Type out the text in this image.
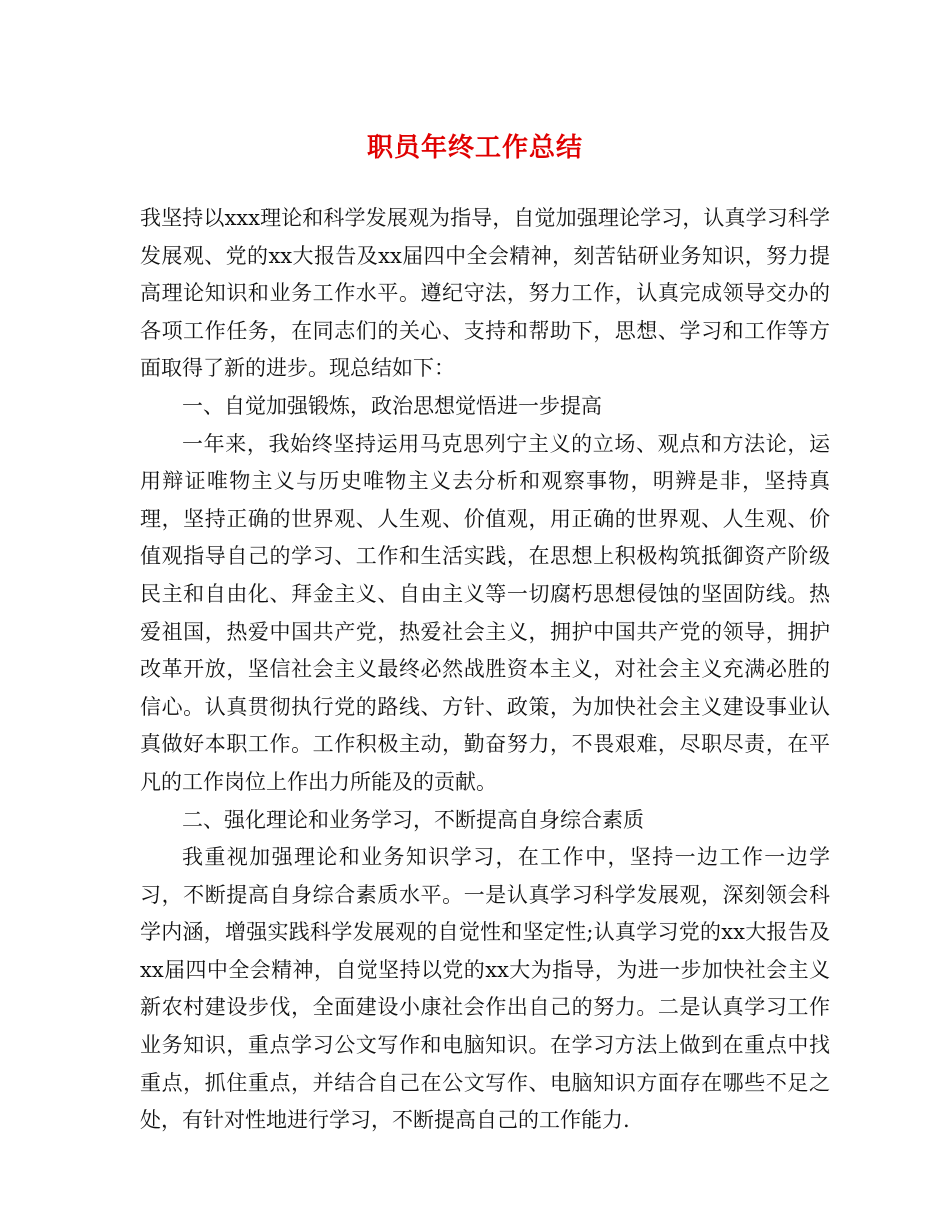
职员年终工作总结

我坚持以xxx理论和科学发展观为指导，自觉加强理论学习，认真学习科学发展观、党的xx大报告及xx届四中全会精神，刻苦钻研业务知识，努力提高理论知识和业务工作水平。遵纪守法，努力工作，认真完成领导交办的各项工作任务，在同志们的关心、支持和帮助下，思想、学习和工作等方面取得了新的进步。现总结如下：

一、自觉加强锻炼，政治思想觉悟进一步提高

一年来，我始终坚持运用马克思列宁主义的立场、观点和方法论，运用辩证唯物主义与历史唯物主义去分析和观察事物，明辨是非，坚持真理，坚持正确的世界观、人生观、价值观，用正确的世界观、人生观、价值观指导自己的学习、工作和生活实践，在思想上积极构筑抵御资产阶级民主和自由化、拜金主义、自由主义等一切腐朽思想侵蚀的坚固防线。热爱祖国，热爱中国共产党，热爱社会主义，拥护中国共产党的领导，拥护改革开放，坚信社会主义最终必然战胜资本主义，对社会主义充满必胜的信心。认真贯彻执行党的路线、方针、政策，为加快社会主义建设事业认真做好本职工作。工作积极主动，勤奋努力，不畏艰难，尽职尽责，在平凡的工作岗位上作出力所能及的贡献。

二、强化理论和业务学习，不断提高自身综合素质

我重视加强理论和业务知识学习，在工作中，坚持一边工作一边学习，不断提高自身综合素质水平。一是认真学习科学发展观，深刻领会科学内涵，增强实践科学发展观的自觉性和坚定性;认真学习党的xx大报告及xx届四中全会精神，自觉坚持以党的xx大为指导，为进一步加快社会主义新农村建设步伐，全面建设小康社会作出自己的努力。二是认真学习工作业务知识，重点学习公文写作和电脑知识。在学习方法上做到在重点中找重点，抓住重点，并结合自己在公文写作、电脑知识方面存在哪些不足之处，有针对性地进行学习，不断提高自己的工作能力.
